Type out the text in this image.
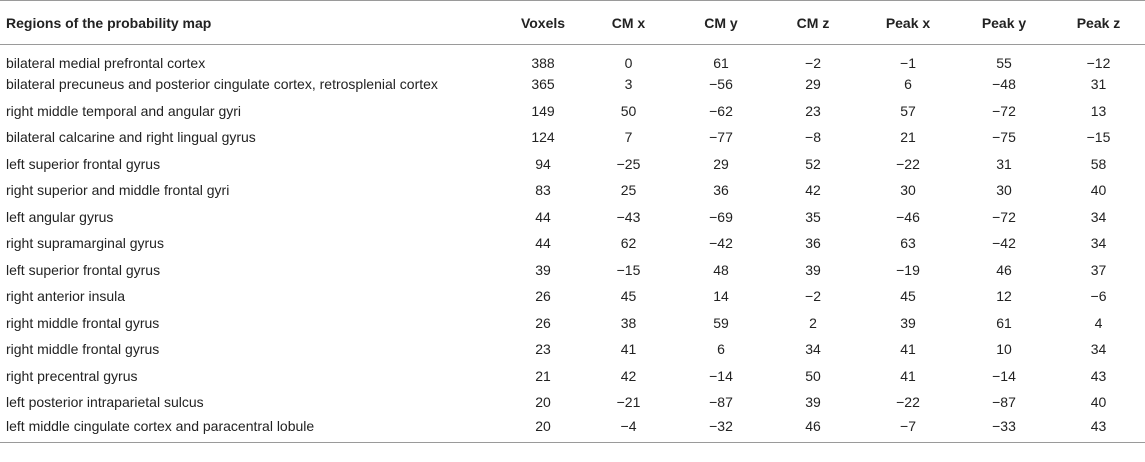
Regions of the probability map	Voxels	CM x	CM y	CM z	Peak x	Peak y	Peak z
bilateral medial prefrontal cortex	388	0	61	−2	−1	55	−12
bilateral precuneus and posterior cingulate cortex, retrosplenial cortex	365	3	−56	29	6	−48	31
right middle temporal and angular gyri	149	50	−62	23	57	−72	13
bilateral calcarine and right lingual gyrus	124	7	−77	−8	21	−75	−15
left superior frontal gyrus	94	−25	29	52	−22	31	58
right superior and middle frontal gyri	83	25	36	42	30	30	40
left angular gyrus	44	−43	−69	35	−46	−72	34
right supramarginal gyrus	44	62	−42	36	63	−42	34
left superior frontal gyrus	39	−15	48	39	−19	46	37
right anterior insula	26	45	14	−2	45	12	−6
right middle frontal gyrus	26	38	59	2	39	61	4
right middle frontal gyrus	23	41	6	34	41	10	34
right precentral gyrus	21	42	−14	50	41	−14	43
left posterior intraparietal sulcus	20	−21	−87	39	−22	−87	40
left middle cingulate cortex and paracentral lobule	20	−4	−32	46	−7	−33	43
